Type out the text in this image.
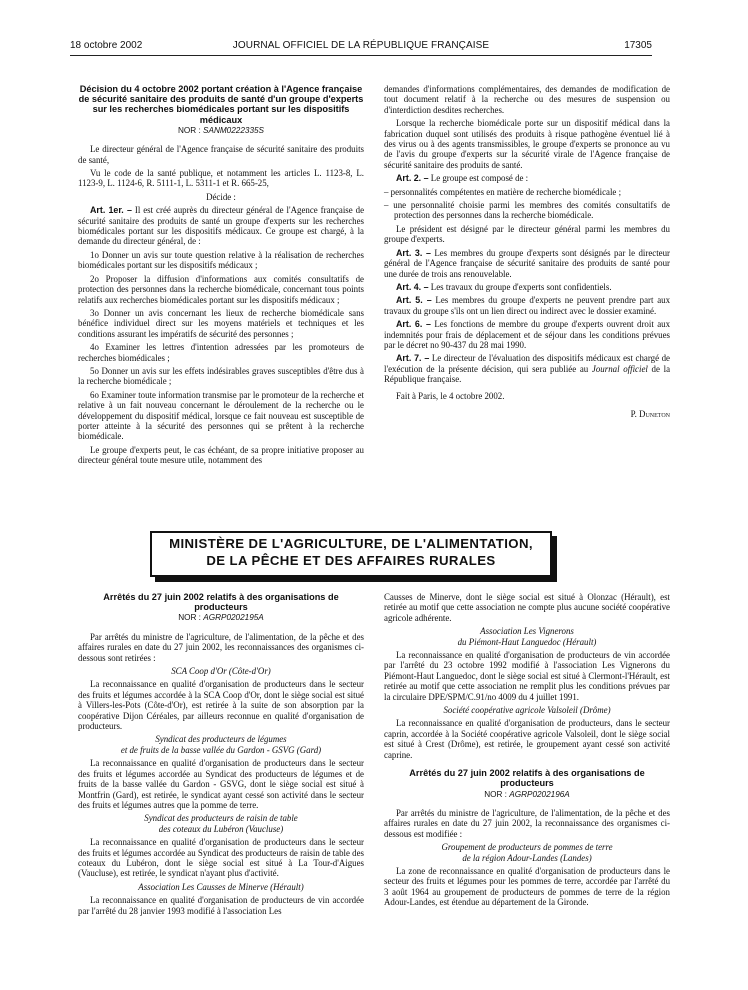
18 octobre 2002	JOURNAL OFFICIEL DE LA RÉPUBLIQUE FRANÇAISE	17305
Décision du 4 octobre 2002 portant création à l'Agence française de sécurité sanitaire des produits de santé d'un groupe d'experts sur les recherches biomédicales portant sur les dispositifs médicaux
NOR : SANM0222335S

Le directeur général de l'Agence française de sécurité sanitaire des produits de santé,

Vu le code de la santé publique, et notamment les articles L. 1123-8, L. 1123-9, L. 1124-6, R. 5111-1, L. 5311-1 et R. 665-25,

Décide :

Art. 1er. – Il est créé auprès du directeur général de l'Agence française de sécurité sanitaire des produits de santé un groupe d'experts sur les recherches biomédicales portant sur les dispositifs médicaux. Ce groupe est chargé, à la demande du directeur général, de :

1o Donner un avis sur toute question relative à la réalisation de recherches biomédicales portant sur les dispositifs médicaux ;

2o Proposer la diffusion d'informations aux comités consultatifs de protection des personnes dans la recherche biomédicale, concernant tous points relatifs aux recherches biomédicales portant sur les dispositifs médicaux ;

3o Donner un avis concernant les lieux de recherche biomédicale sans bénéfice individuel direct sur les moyens matériels et techniques et les conditions assurant les impératifs de sécurité des personnes ;

4o Examiner les lettres d'intention adressées par les promoteurs de recherches biomédicales ;

5o Donner un avis sur les effets indésirables graves susceptibles d'être dus à la recherche biomédicale ;

6o Examiner toute information transmise par le promoteur de la recherche et relative à un fait nouveau concernant le déroulement de la recherche ou le développement du dispositif médical, lorsque ce fait nouveau est susceptible de porter atteinte à la sécurité des personnes qui se prêtent à la recherche biomédicale.

Le groupe d'experts peut, le cas échéant, de sa propre initiative proposer au directeur général toute mesure utile, notamment des

demandes d'informations complémentaires, des demandes de modification de tout document relatif à la recherche ou des mesures de suspension ou d'interdiction desdites recherches.

Lorsque la recherche biomédicale porte sur un dispositif médical dans la fabrication duquel sont utilisés des produits à risque pathogène éventuel lié à des virus ou à des agents transmissibles, le groupe d'experts se prononce au vu de l'avis du groupe d'experts sur la sécurité virale de l'Agence française de sécurité sanitaire des produits de santé.

Art. 2. – Le groupe est composé de :

– personnalités compétentes en matière de recherche biomédicale ;

– une personnalité choisie parmi les membres des comités consultatifs de protection des personnes dans la recherche biomédicale.

Le président est désigné par le directeur général parmi les membres du groupe d'experts.

Art. 3. – Les membres du groupe d'experts sont désignés par le directeur général de l'Agence française de sécurité sanitaire des produits de santé pour une durée de trois ans renouvelable.

Art. 4. – Les travaux du groupe d'experts sont confidentiels.

Art. 5. – Les membres du groupe d'experts ne peuvent prendre part aux travaux du groupe s'ils ont un lien direct ou indirect avec le dossier examiné.

Art. 6. – Les fonctions de membre du groupe d'experts ouvrent droit aux indemnités pour frais de déplacement et de séjour dans les conditions prévues par le décret no 90-437 du 28 mai 1990.

Art. 7. – Le directeur de l'évaluation des dispositifs médicaux est chargé de l'exécution de la présente décision, qui sera publiée au Journal officiel de la République française.

Fait à Paris, le 4 octobre 2002.

P. Duneton
MINISTÈRE DE L'AGRICULTURE, DE L'ALIMENTATION,
DE LA PÊCHE ET DES AFFAIRES RURALES
Arrêtés du 27 juin 2002 relatifs à des organisations de producteurs
NOR : AGRP0202195A

Par arrêtés du ministre de l'agriculture, de l'alimentation, de la pêche et des affaires rurales en date du 27 juin 2002, les reconnaissances des organismes ci-dessous sont retirées :

SCA Coop d'Or (Côte-d'Or)

La reconnaissance en qualité d'organisation de producteurs dans le secteur des fruits et légumes accordée à la SCA Coop d'Or, dont le siège social est situé à Villers-les-Pots (Côte-d'Or), est retirée à la suite de son absorption par la coopérative Dijon Céréales, par ailleurs reconnue en qualité d'organisation de producteurs.

Syndicat des producteurs de légumes
et de fruits de la basse vallée du Gardon - GSVG (Gard)

La reconnaissance en qualité d'organisation de producteurs dans le secteur des fruits et légumes accordée au Syndicat des producteurs de légumes et de fruits de la basse vallée du Gardon - GSVG, dont le siège social est situé à Montfrin (Gard), est retirée, le syndicat ayant cessé son activité dans le secteur des fruits et légumes autres que la pomme de terre.

Syndicat des producteurs de raisin de table
des coteaux du Lubéron (Vaucluse)

La reconnaissance en qualité d'organisation de producteurs dans le secteur des fruits et légumes accordée au Syndicat des producteurs de raisin de table des coteaux du Lubéron, dont le siège social est situé à La Tour-d'Aigues (Vaucluse), est retirée, le syndicat n'ayant plus d'activité.

Association Les Causses de Minerve (Hérault)

La reconnaissance en qualité d'organisation de producteurs de vin accordée par l'arrêté du 28 janvier 1993 modifié à l'association Les

Causses de Minerve, dont le siège social est situé à Olonzac (Hérault), est retirée au motif que cette association ne compte plus aucune société coopérative agricole adhérente.

Association Les Vignerons
du Piémont-Haut Languedoc (Hérault)

La reconnaissance en qualité d'organisation de producteurs de vin accordée par l'arrêté du 23 octobre 1992 modifié à l'association Les Vignerons du Piémont-Haut Languedoc, dont le siège social est situé à Clermont-l'Hérault, est retirée au motif que cette association ne remplit plus les conditions prévues par la circulaire DPE/SPM/C.91/no 4009 du 4 juillet 1991.

Société coopérative agricole Valsoleil (Drôme)

La reconnaissance en qualité d'organisation de producteurs, dans le secteur caprin, accordée à la Société coopérative agricole Valsoleil, dont le siège social est situé à Crest (Drôme), est retirée, le groupement ayant cessé son activité caprine.

Arrêtés du 27 juin 2002 relatifs à des organisations de producteurs
NOR : AGRP0202196A

Par arrêtés du ministre de l'agriculture, de l'alimentation, de la pêche et des affaires rurales en date du 27 juin 2002, la reconnaissance des organismes ci-dessous est modifiée :

Groupement de producteurs de pommes de terre
de la région Adour-Landes (Landes)

La zone de reconnaissance en qualité d'organisation de producteurs dans le secteur des fruits et légumes pour les pommes de terre, accordée par l'arrêté du 3 août 1964 au groupement de producteurs de pommes de terre de la région Adour-Landes, est étendue au département de la Gironde.
